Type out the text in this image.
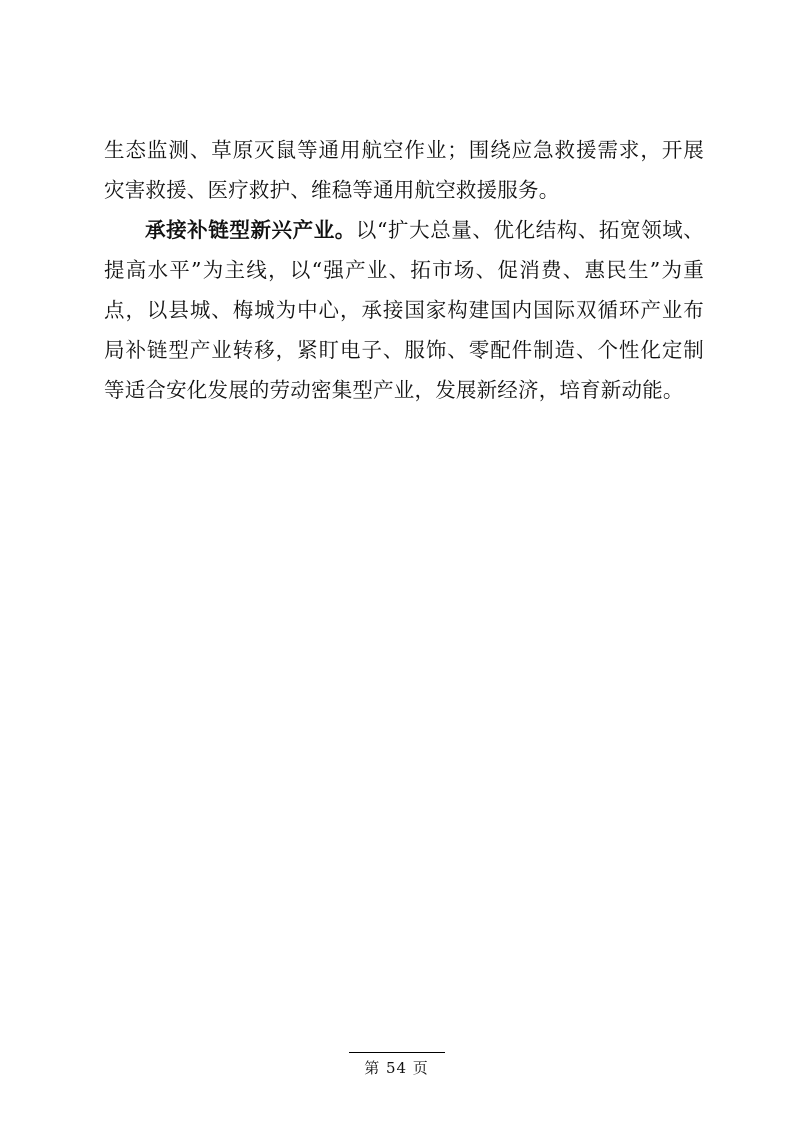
生态监测、草原灭鼠等通用航空作业；围绕应急救援需求，开展灾害救援、医疗救护、维稳等通用航空救援服务。

承接补链型新兴产业。以“扩大总量、优化结构、拓宽领域、提高水平”为主线，以“强产业、拓市场、促消费、惠民生”为重点，以县城、梅城为中心，承接国家构建国内国际双循环产业布局补链型产业转移，紧盯电子、服饰、零配件制造、个性化定制等适合安化发展的劳动密集型产业，发展新经济，培育新动能。

第 54 页
